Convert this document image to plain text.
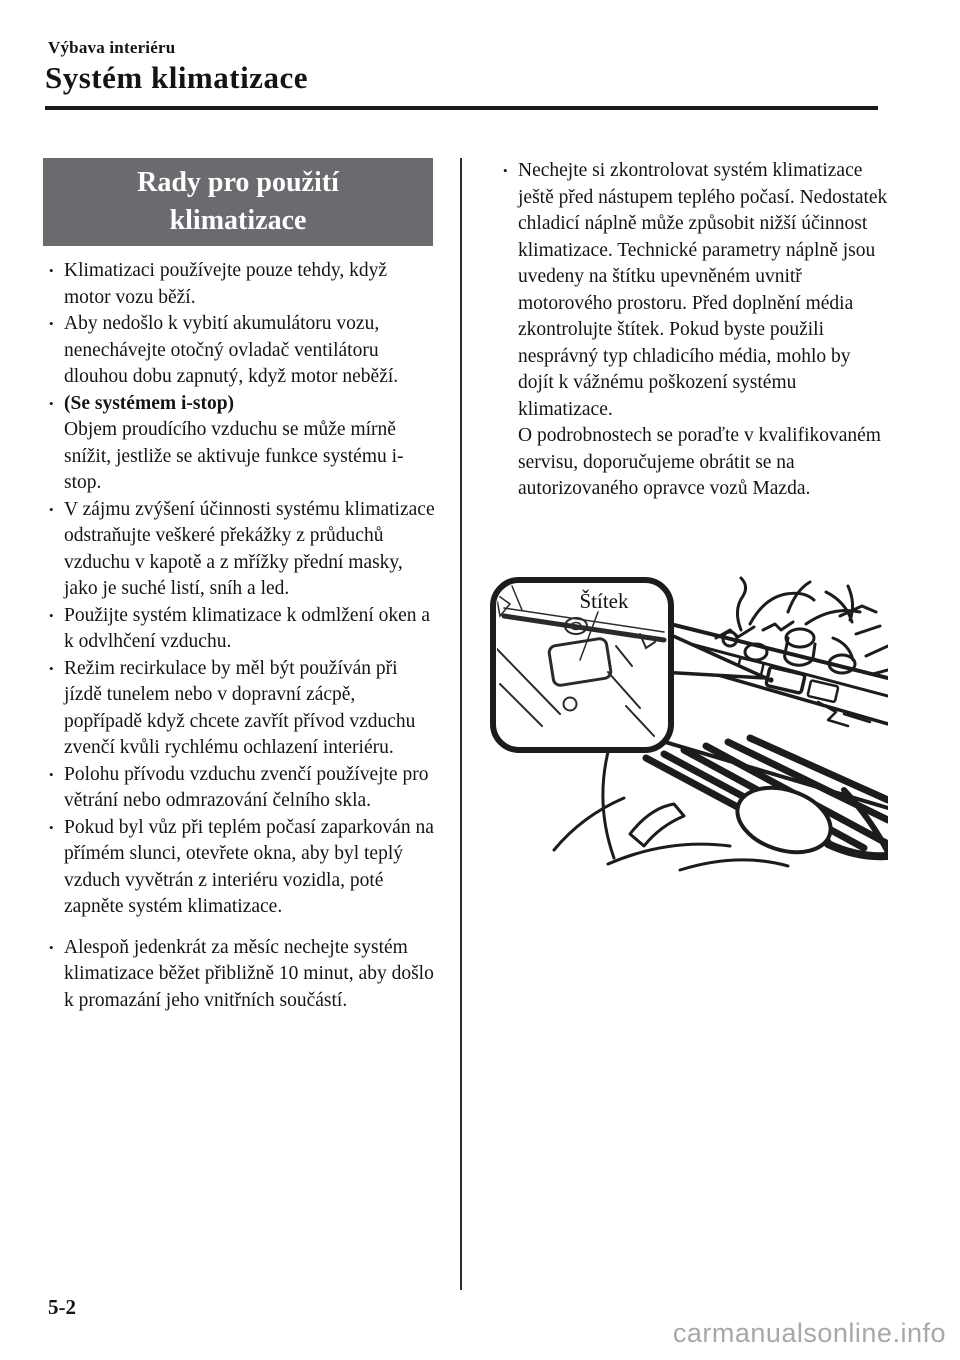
Výbava interiéru
Systém klimatizace
Rady pro použití
klimatizace
• Klimatizaci používejte pouze tehdy, když motor vozu běží.
• Aby nedošlo k vybití akumulátoru vozu, nenechávejte otočný ovladač ventilátoru dlouhou dobu zapnutý, když motor neběží.
• (Se systémem i-stop)
Objem proudícího vzduchu se může mírně snížit, jestliže se aktivuje funkce systému i-stop.
• V zájmu zvýšení účinnosti systému klimatizace odstraňujte veškeré překážky z průduchů vzduchu v kapotě a z mřížky přední masky, jako je suché listí, sníh a led.
• Použijte systém klimatizace k odmlžení oken a k odvlhčení vzduchu.
• Režim recirkulace by měl být používán při jízdě tunelem nebo v dopravní zácpě, popřípadě když chcete zavřít přívod vzduchu zvenčí kvůli rychlému ochlazení interiéru.
• Polohu přívodu vzduchu zvenčí používejte pro větrání nebo odmrazování čelního skla.
• Pokud byl vůz při teplém počasí zaparkován na přímém slunci, otevřete okna, aby byl teplý vzduch vyvětrán z interiéru vozidla, poté zapněte systém klimatizace.
• Alespoň jedenkrát za měsíc nechejte systém klimatizace běžet přibližně 10 minut, aby došlo k promazání jeho vnitřních součástí.
• Nechejte si zkontrolovat systém klimatizace ještě před nástupem teplého počasí. Nedostatek chladicí náplně může způsobit nižší účinnost klimatizace. Technické parametry náplně jsou uvedeny na štítku upevněném uvnitř motorového prostoru. Před doplnění média zkontrolujte štítek. Pokud byste použili nesprávný typ chladicího média, mohlo by dojít k vážnému poškození systému klimatizace.
O podrobnostech se poraďte v kvalifikovaném servisu, doporučujeme obrátit se na autorizovaného opravce vozů Mazda.
Štítek
5-2
carmanualsonline.info
